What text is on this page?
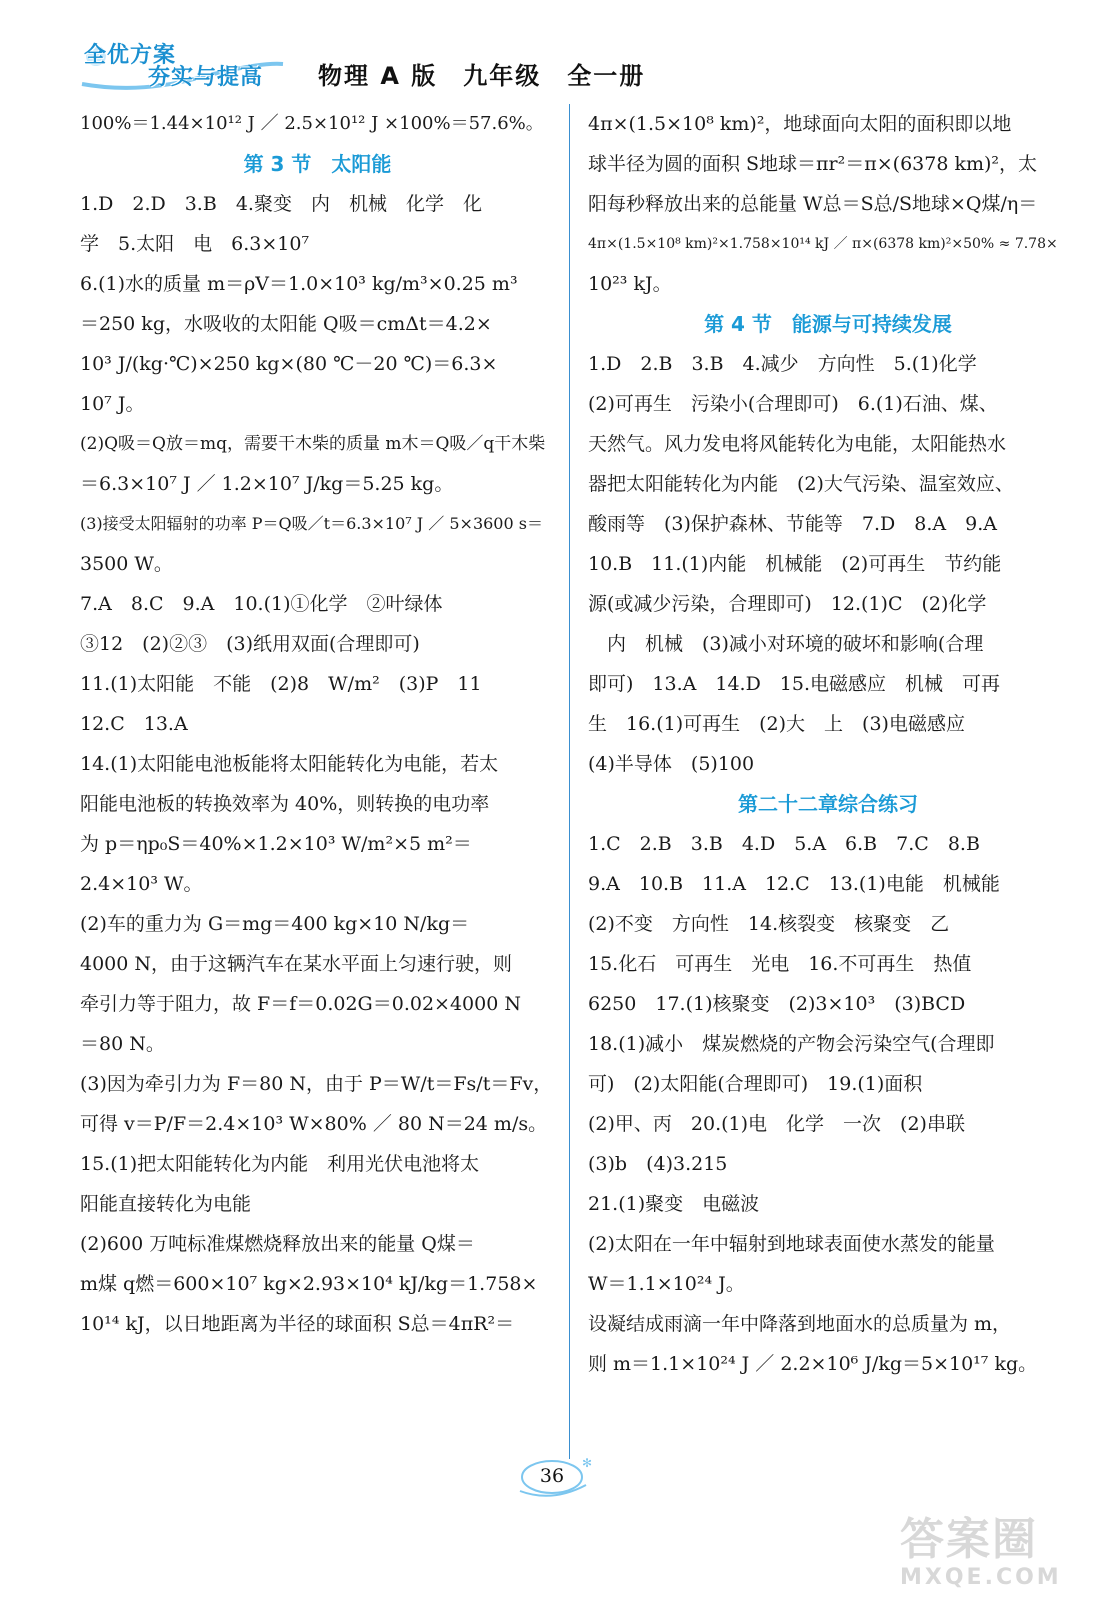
全优方案
夯实与提高 物理 A 版　九年级　全一册
100%＝1.44×10¹² J ／ 2.5×10¹² J ×100%＝57.6%。
第 3 节　太阳能
1.D　2.D　3.B　4.聚变　内　机械　化学　化
学　5.太阳　电　6.3×10⁷
6.(1)水的质量 m＝ρV＝1.0×10³ kg/m³×0.25 m³
＝250 kg，水吸收的太阳能 Q吸＝cmΔt＝4.2×
10³ J/(kg·℃)×250 kg×(80 ℃－20 ℃)＝6.3×
10⁷ J。
(2)Q吸＝Q放＝mq，需要干木柴的质量 m木＝Q吸／q干木柴
＝6.3×10⁷ J ／ 1.2×10⁷ J/kg＝5.25 kg。
(3)接受太阳辐射的功率 P＝Q吸／t＝6.3×10⁷ J ／ 5×3600 s＝
3500 W。
7.A　8.C　9.A　10.(1)①化学　②叶绿体
③12　(2)②③　(3)纸用双面(合理即可)
11.(1)太阳能　不能　(2)8　W/m²　(3)P　11
12.C　13.A
14.(1)太阳能电池板能将太阳能转化为电能，若太
阳能电池板的转换效率为 40%，则转换的电功率
为 p＝ηp₀S＝40%×1.2×10³ W/m²×5 m²＝
2.4×10³ W。
(2)车的重力为 G＝mg＝400 kg×10 N/kg＝
4000 N，由于这辆汽车在某水平面上匀速行驶，则
牵引力等于阻力，故 F＝f＝0.02G＝0.02×4000 N
＝80 N。
(3)因为牵引力为 F＝80 N，由于 P＝W/t＝Fs/t＝Fv，
可得 v＝P/F＝2.4×10³ W×80% ／ 80 N＝24 m/s。
15.(1)把太阳能转化为内能　利用光伏电池将太
阳能直接转化为电能
(2)600 万吨标准煤燃烧释放出来的能量 Q煤＝
m煤 q燃＝600×10⁷ kg×2.93×10⁴ kJ/kg＝1.758×
10¹⁴ kJ，以日地距离为半径的球面积 S总＝4πR²＝
4π×(1.5×10⁸ km)²，地球面向太阳的面积即以地
球半径为圆的面积 S地球＝πr²＝π×(6378 km)²，太
阳每秒释放出来的总能量 W总＝S总/S地球×Q煤/η＝
4π×(1.5×10⁸ km)²×1.758×10¹⁴ kJ ／ π×(6378 km)²×50% ≈ 7.78×
10²³ kJ。
第 4 节　能源与可持续发展
1.D　2.B　3.B　4.减少　方向性　5.(1)化学
(2)可再生　污染小(合理即可)　6.(1)石油、煤、
天然气。风力发电将风能转化为电能，太阳能热水
器把太阳能转化为内能　(2)大气污染、温室效应、
酸雨等　(3)保护森林、节能等　7.D　8.A　9.A
10.B　11.(1)内能　机械能　(2)可再生　节约能
源(或减少污染，合理即可)　12.(1)C　(2)化学
　内　机械　(3)减小对环境的破坏和影响(合理
即可)　13.A　14.D　15.电磁感应　机械　可再
生　16.(1)可再生　(2)大　上　(3)电磁感应
(4)半导体　(5)100
第二十二章综合练习
1.C　2.B　3.B　4.D　5.A　6.B　7.C　8.B
9.A　10.B　11.A　12.C　13.(1)电能　机械能
(2)不变　方向性　14.核裂变　核聚变　乙
15.化石　可再生　光电　16.不可再生　热值
6250　17.(1)核聚变　(2)3×10³　(3)BCD
18.(1)减小　煤炭燃烧的产物会污染空气(合理即
可)　(2)太阳能(合理即可)　19.(1)面积
(2)甲、丙　20.(1)电　化学　一次　(2)串联
(3)b　(4)3.215
21.(1)聚变　电磁波
(2)太阳在一年中辐射到地球表面使水蒸发的能量
W＝1.1×10²⁴ J。
设凝结成雨滴一年中降落到地面水的总质量为 m，
则 m＝1.1×10²⁴ J ／ 2.2×10⁶ J/kg＝5×10¹⁷ kg。
✻
36
答案圈
MXQE.COM
